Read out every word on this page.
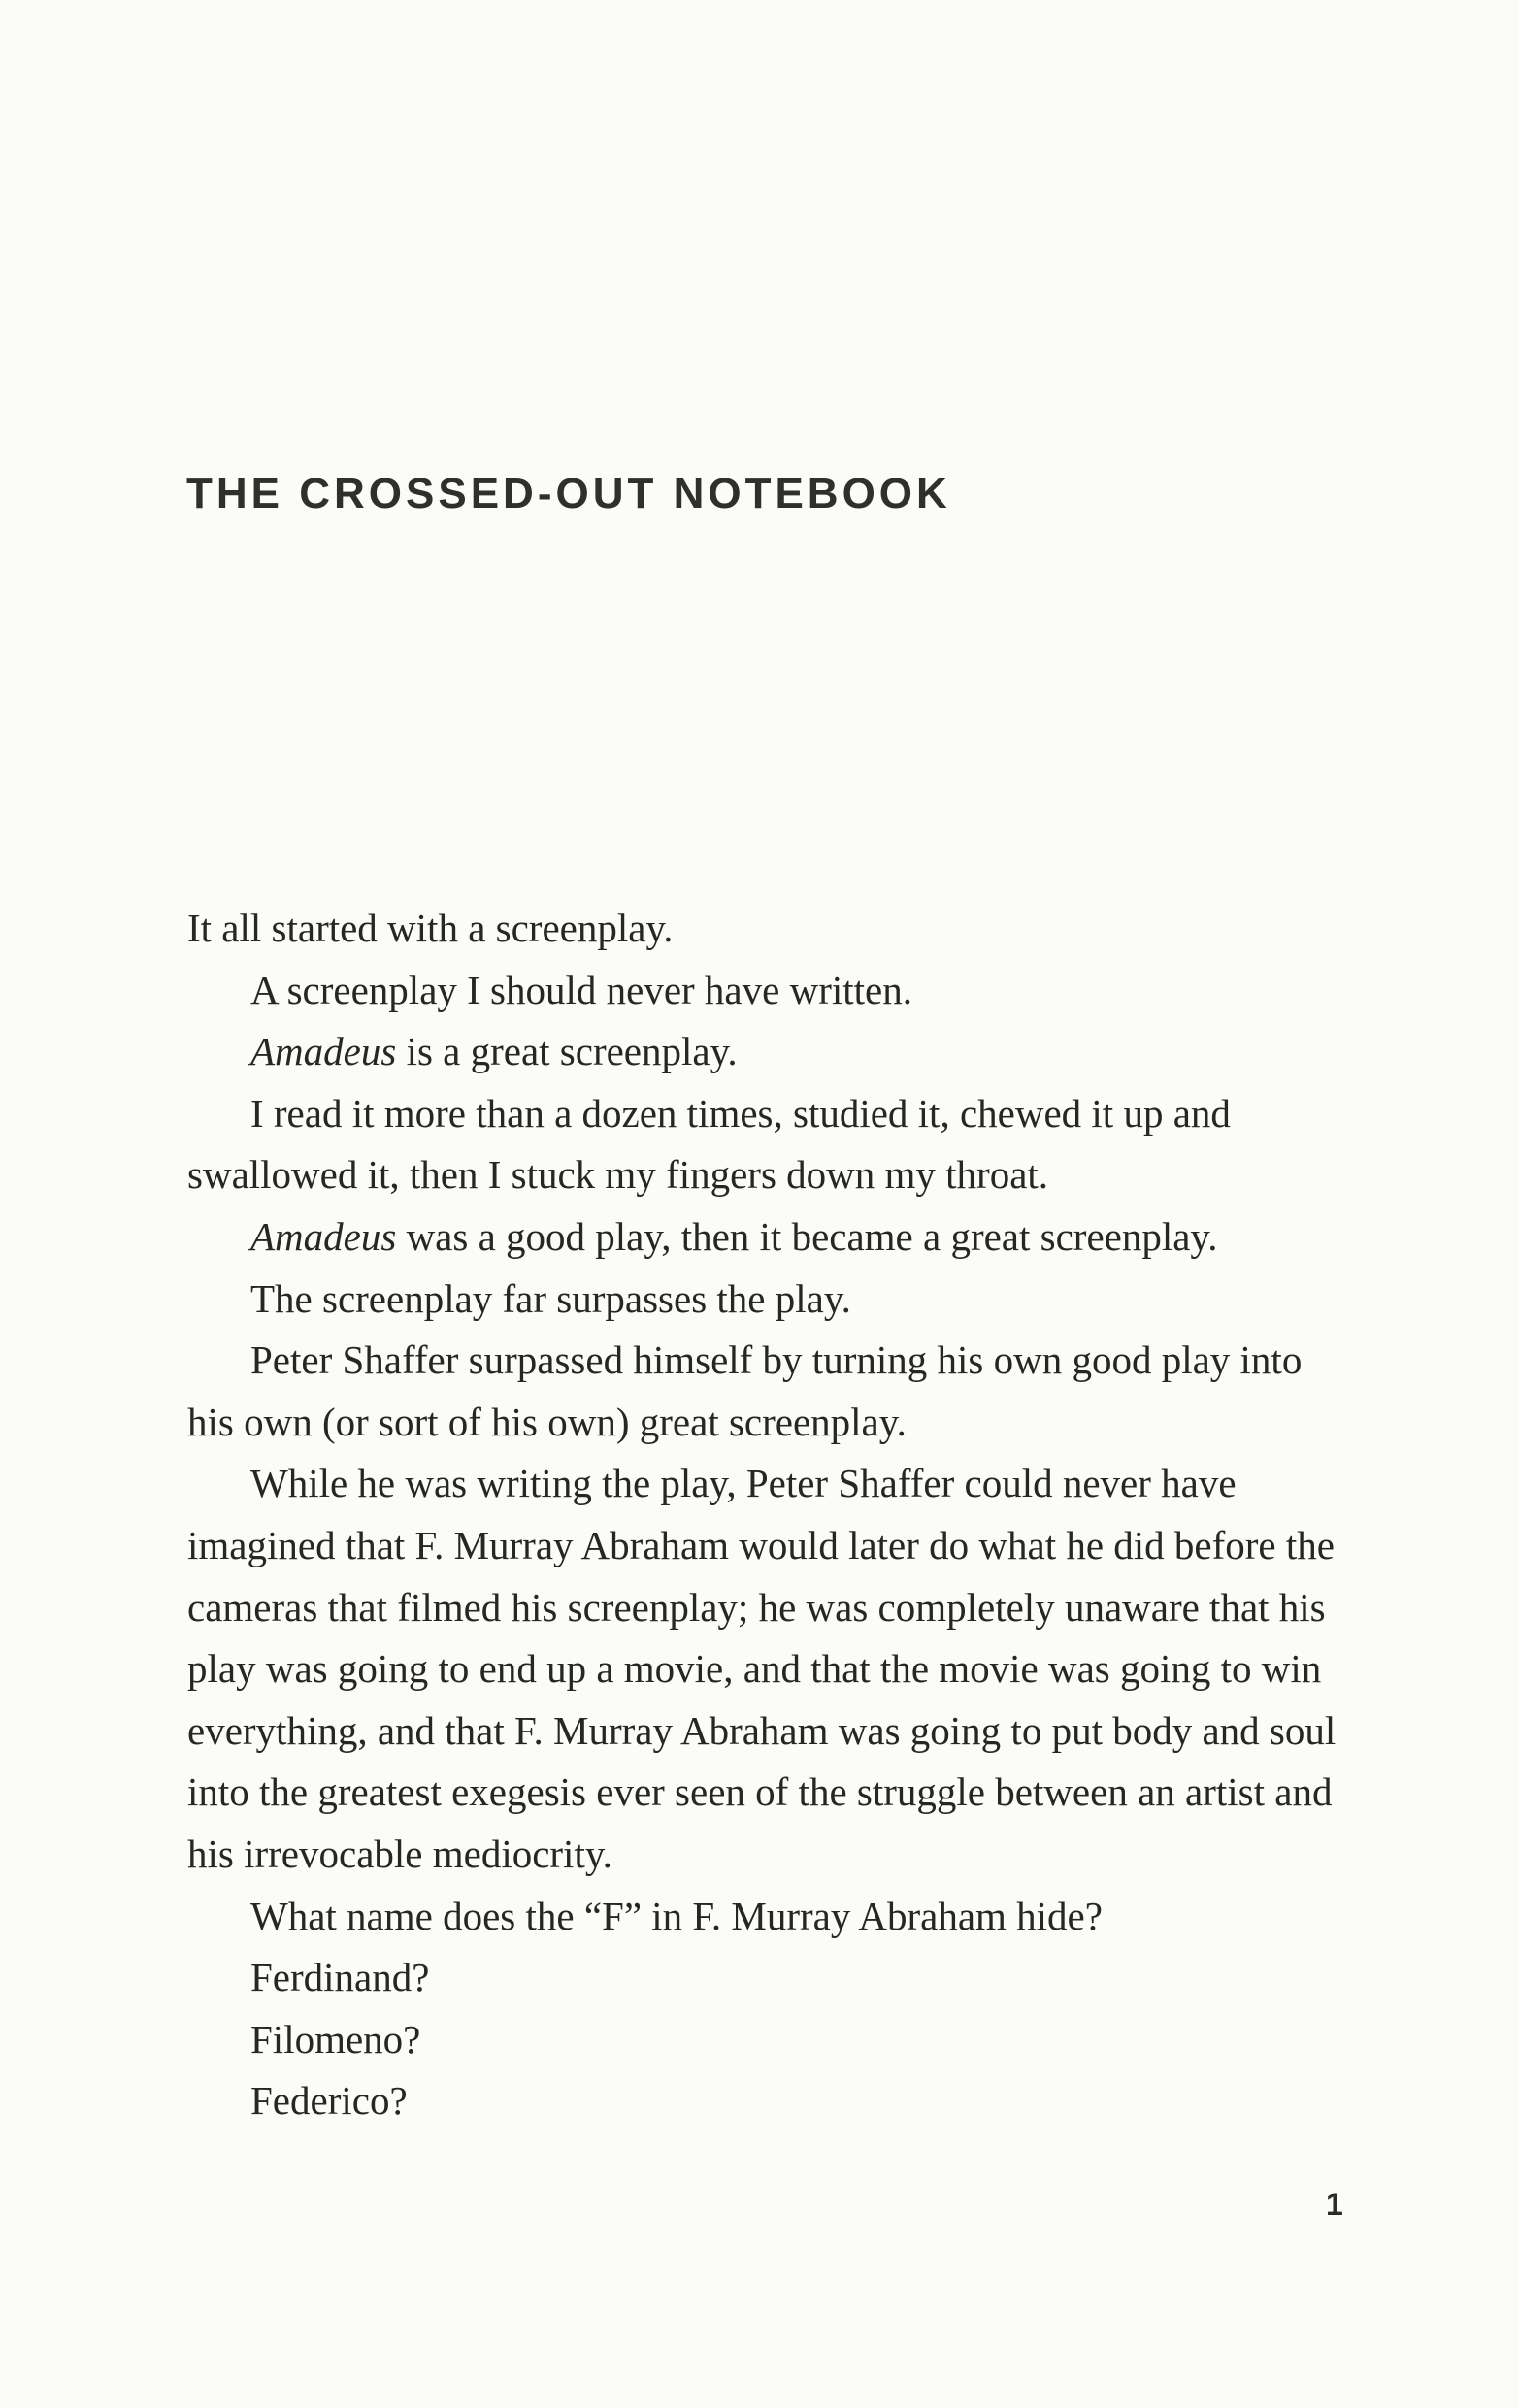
THE CROSSED-OUT NOTEBOOK

It all started with a screenplay.

A screenplay I should never have written.

Amadeus is a great screenplay.

I read it more than a dozen times, studied it, chewed it up and swallowed it, then I stuck my fingers down my throat.

Amadeus was a good play, then it became a great screenplay.

The screenplay far surpasses the play.

Peter Shaffer surpassed himself by turning his own good play into his own (or sort of his own) great screenplay.

While he was writing the play, Peter Shaffer could never have imagined that F. Murray Abraham would later do what he did before the cameras that filmed his screenplay; he was completely unaware that his play was going to end up a movie, and that the movie was going to win everything, and that F. Murray Abraham was going to put body and soul into the greatest exegesis ever seen of the struggle between an artist and his irrevocable mediocrity.

What name does the “F” in F. Murray Abraham hide?

Ferdinand?

Filomeno?

Federico?

1
